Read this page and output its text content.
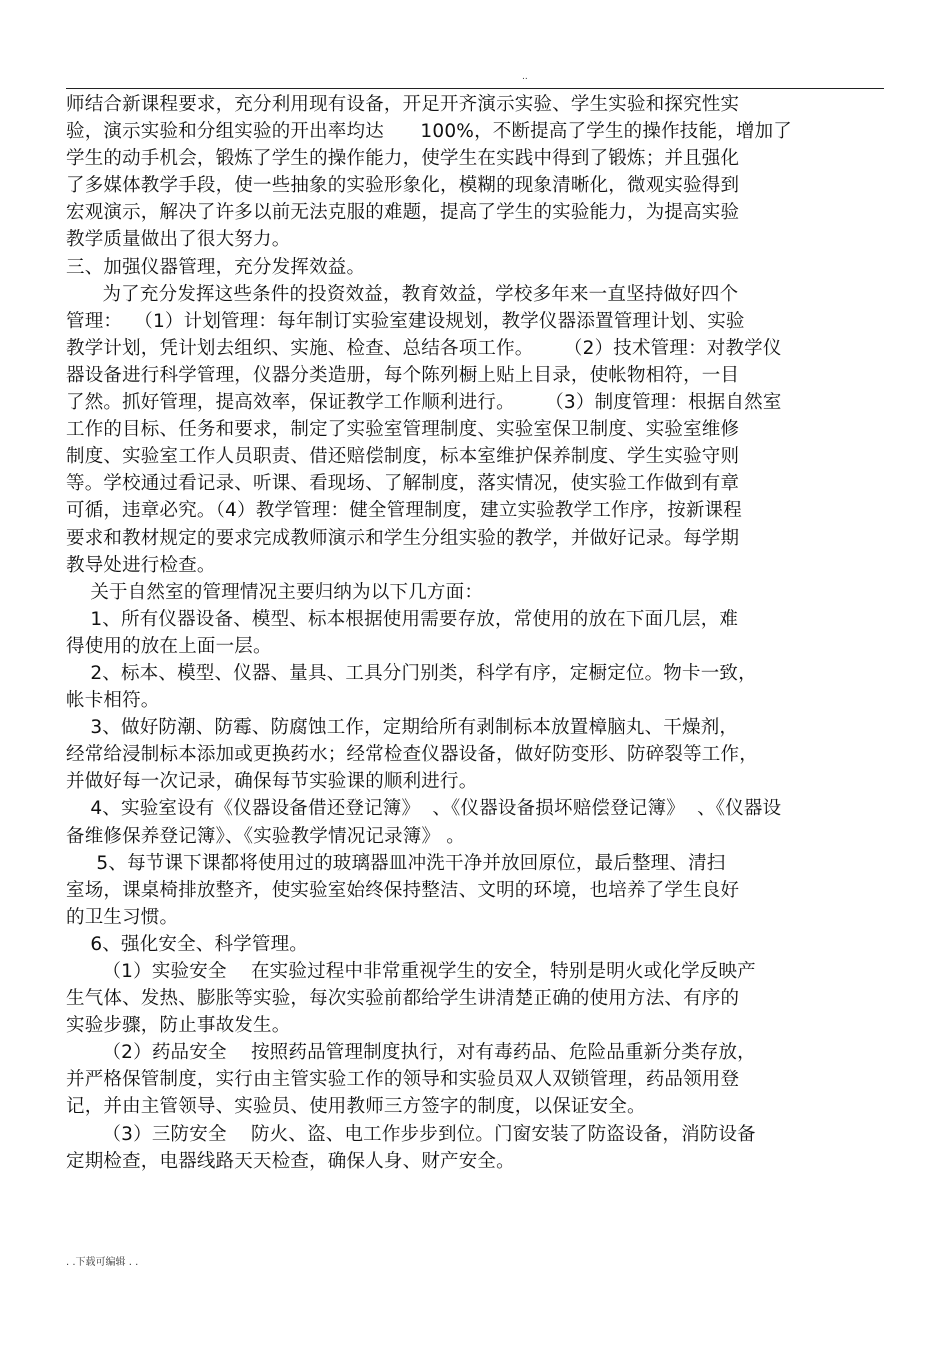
..
师结合新课程要求，充分利用现有设备，开足开齐演示实验、学生实验和探究性实
验，演示实验和分组实验的开出率均达      100%，不断提高了学生的操作技能，增加了
学生的动手机会，锻炼了学生的操作能力，使学生在实践中得到了锻炼；并且强化
了多媒体教学手段，使一些抽象的实验形象化，模糊的现象清晰化，微观实验得到
宏观演示，解决了许多以前无法克服的难题，提高了学生的实验能力，为提高实验
教学质量做出了很大努力。
三、加强仪器管理，充分发挥效益。
为了充分发挥这些条件的投资效益，教育效益，学校多年来一直坚持做好四个
管理：  （1）计划管理：每年制订实验室建设规划，教学仪器添置管理计划、实验
教学计划，凭计划去组织、实施、检查、总结各项工作。     （2）技术管理：对教学仪
器设备进行科学管理，仪器分类造册，每个陈列橱上贴上目录，使帐物相符，一目
了然。抓好管理，提高效率，保证教学工作顺利进行。     （3）制度管理：根据自然室
工作的目标、任务和要求，制定了实验室管理制度、实验室保卫制度、实验室维修
制度、实验室工作人员职责、借还赔偿制度，标本室维护保养制度、学生实验守则
等。学校通过看记录、听课、看现场、了解制度，落实情况，使实验工作做到有章
可循，违章必究。（4）教学管理：健全管理制度，建立实验教学工作序，按新课程
要求和教材规定的要求完成教师演示和学生分组实验的教学，并做好记录。每学期
教导处进行检查。
关于自然室的管理情况主要归纳为以下几方面：
1、所有仪器设备、模型、标本根据使用需要存放，常使用的放在下面几层，难
得使用的放在上面一层。
2、标本、模型、仪器、量具、工具分门别类，科学有序，定橱定位。物卡一致，
帐卡相符。
3、做好防潮、防霉、防腐蚀工作，定期给所有剥制标本放置樟脑丸、干燥剂，
经常给浸制标本添加或更换药水；经常检查仪器设备，做好防变形、防碎裂等工作，
并做好每一次记录，确保每节实验课的顺利进行。
4、实验室设有《仪器设备借还登记簿》  、《仪器设备损坏赔偿登记簿》  、《仪器设
备维修保养登记簿》、《实验教学情况记录簿》 。
5、每节课下课都将使用过的玻璃器皿冲洗干净并放回原位，最后整理、清扫
室场，课桌椅排放整齐，使实验室始终保持整洁、文明的环境，也培养了学生良好
的卫生习惯。
6、强化安全、科学管理。
（1）实验安全    在实验过程中非常重视学生的安全，特别是明火或化学反映产
生气体、发热、膨胀等实验，每次实验前都给学生讲清楚正确的使用方法、有序的
实验步骤，防止事故发生。
（2）药品安全    按照药品管理制度执行，对有毒药品、危险品重新分类存放，
并严格保管制度，实行由主管实验工作的领导和实验员双人双锁管理，药品领用登
记，并由主管领导、实验员、使用教师三方签字的制度，以保证安全。
（3）三防安全    防火、盗、电工作步步到位。门窗安装了防盗设备，消防设备
定期检查，电器线路天天检查，确保人身、财产安全。
. .下载可编辑 . .
